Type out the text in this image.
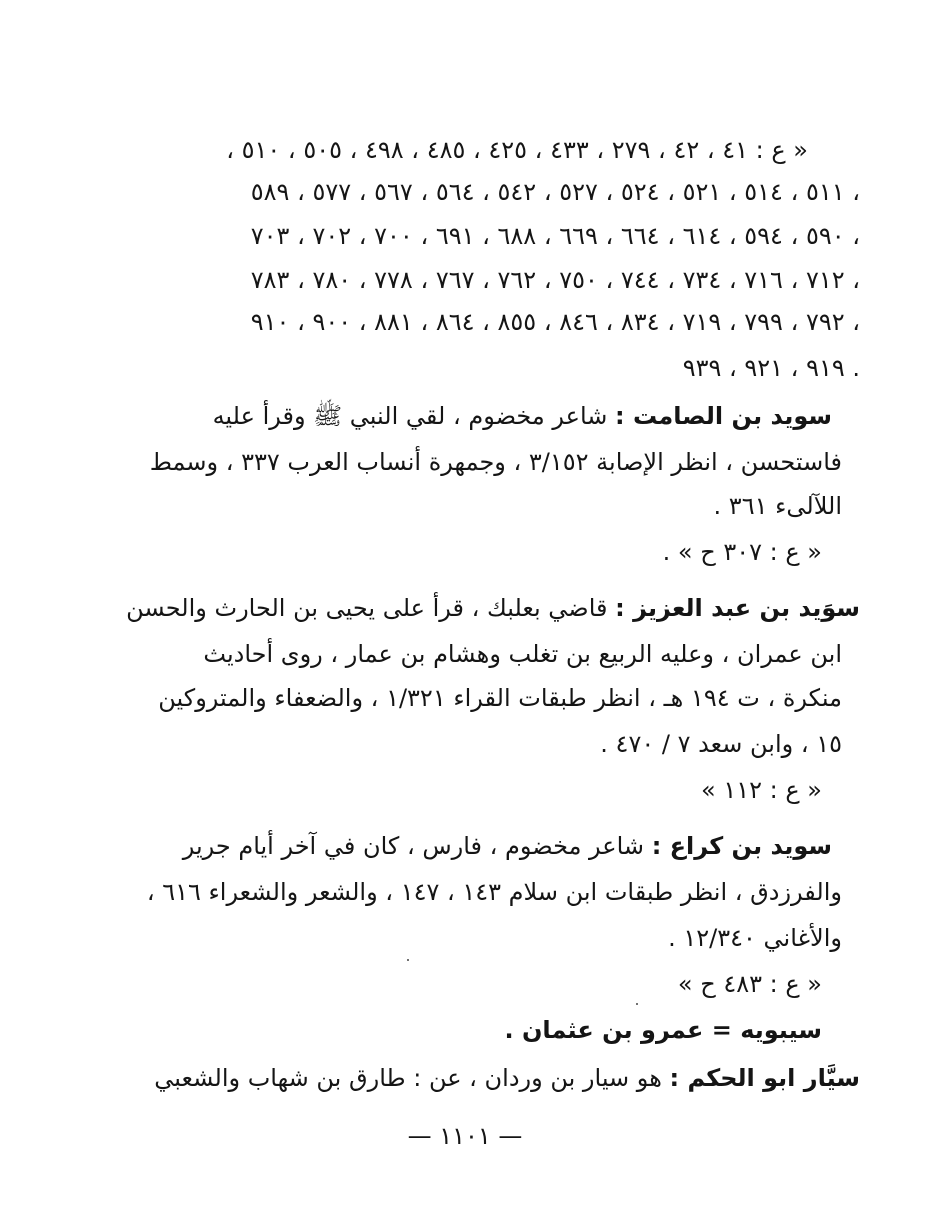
« ع : ٤١ ، ٤٢ ، ٢٧٩ ، ٤٣٣ ، ٤٢٥ ، ٤٨٥ ، ٤٩٨ ، ٥٠٥ ، ٥١٠ ،
٥١١ ، ٥١٤ ، ٥٢١ ، ٥٢٤ ، ٥٢٧ ، ٥٤٢ ، ٥٦٤ ، ٥٦٧ ، ٥٧٧ ، ٥٨٩ ،
٥٩٠ ، ٥٩٤ ، ٦١٤ ، ٦٦٤ ، ٦٦٩ ، ٦٨٨ ، ٦٩١ ، ٧٠٠ ، ٧٠٢ ، ٧٠٣ ،
٧١٢ ، ٧١٦ ، ٧٣٤ ، ٧٤٤ ، ٧٥٠ ، ٧٦٢ ، ٧٦٧ ، ٧٧٨ ، ٧٨٠ ، ٧٨٣ ،
٧٩٢ ، ٧٩٩ ، ٧١٩ ، ٨٣٤ ، ٨٤٦ ، ٨٥٥ ، ٨٦٤ ، ٨٨١ ، ٩٠٠ ، ٩١٠ ،
٩١٩ ، ٩٢١ ، ٩٣٩ .
سويد بن الصامت : شاعر مخضوم ، لقي النبي ﷺ وقرأ عليه
فاستحسن ، انظر الإصابة ٣/١٥٢ ، وجمهرة أنساب العرب ٣٣٧ ، وسمط
اللآلىء ٣٦١ .
« ع : ٣٠٧ ح » .
سوَيد بن عبد العزيز : قاضي بعلبك ، قرأ على يحيى بن الحارث والحسن
ابن عمران ، وعليه الربيع بن تغلب وهشام بن عمار ، روى أحاديث
منكرة ، ت ١٩٤ هـ ، انظر طبقات القراء ١/٣٢١ ، والضعفاء والمتروكين
١٥ ، وابن سعد ٧ / ٤٧٠ .
« ع : ١١٢ »
سويد بن كراع : شاعر مخضوم ، فارس ، كان في آخر أيام جرير
والفرزدق ، انظر طبقات ابن سلام ١٤٣ ، ١٤٧ ، والشعر والشعراء ٦١٦ ،
والأغاني ١٢/٣٤٠ .
« ع : ٤٨٣ ح »
سيبويه = عمرو بن عثمان .
سيَّار ابو الحكم : هو سيار بن وردان ، عن : طارق بن شهاب والشعبي
— ١١٠١ —
